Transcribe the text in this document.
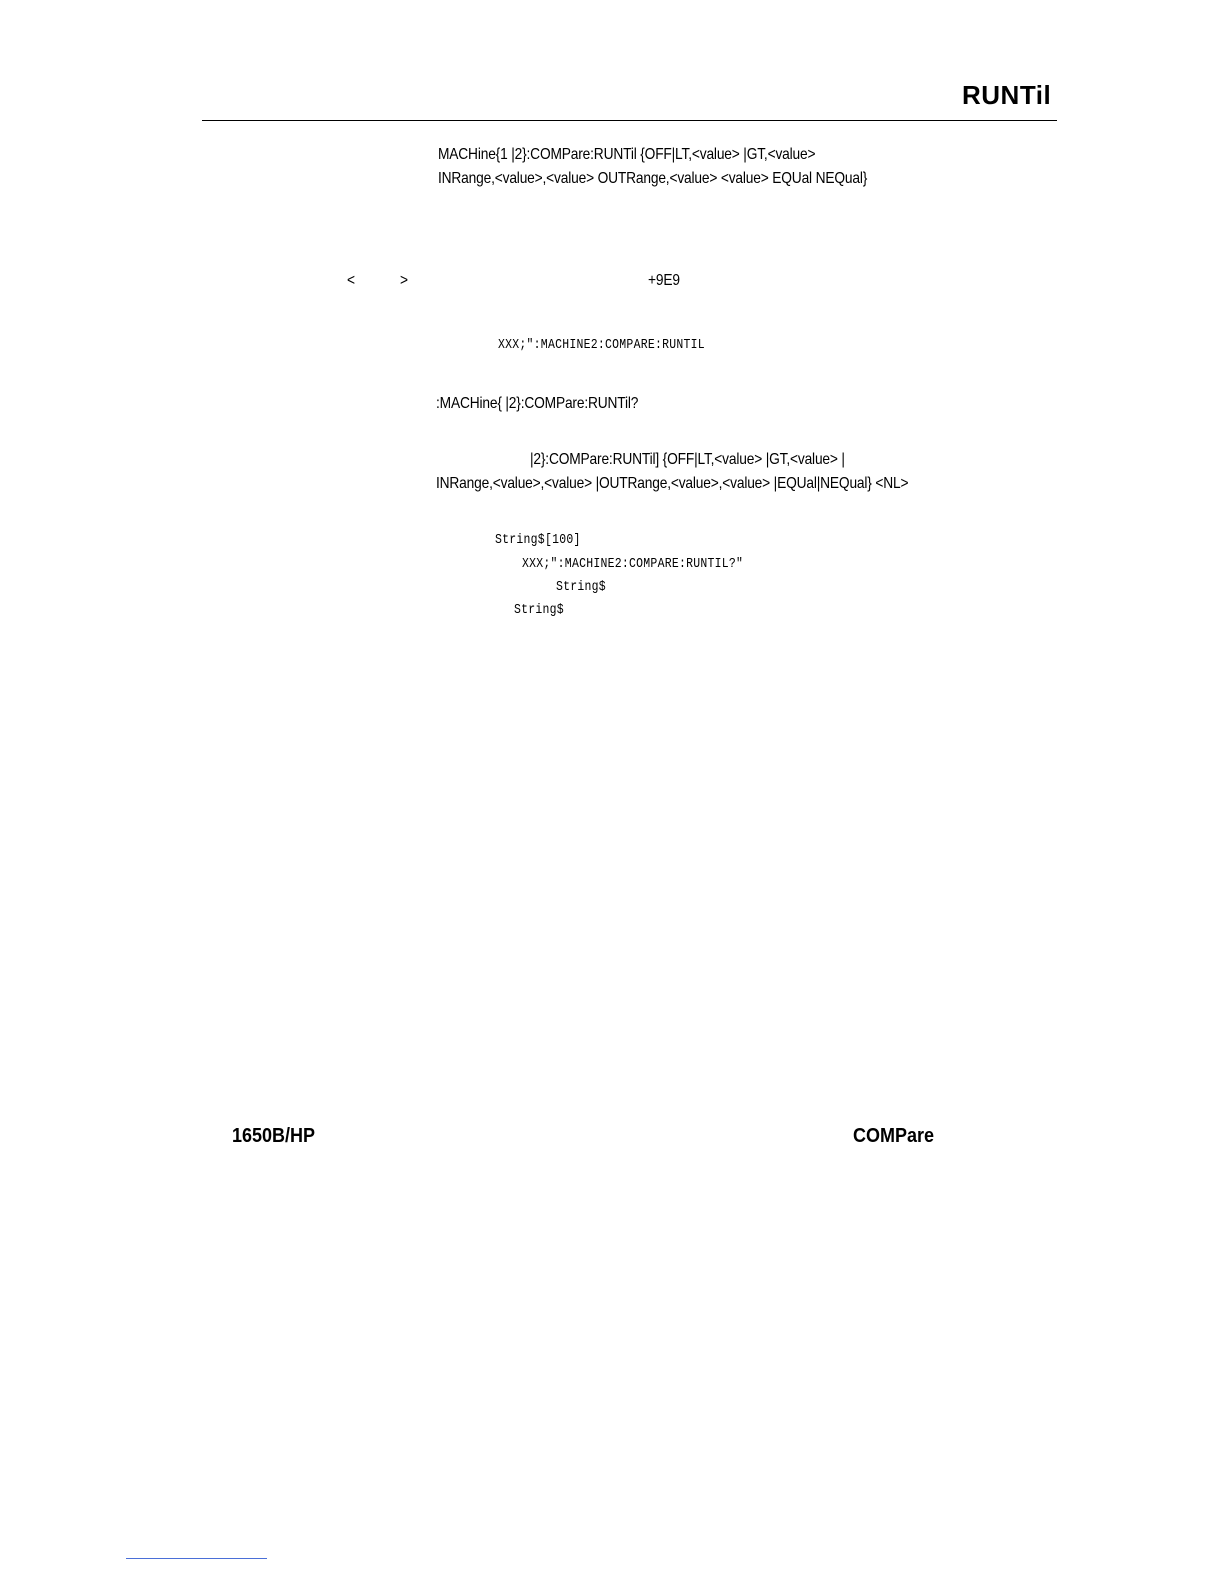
RUNTil
MACHine{1 |2}:COMPare:RUNTil {OFF|LT,<value> |GT,<value>
INRange,<value>,<value> OUTRange,<value> <value> EQUal NEQual}
<	>	+9E9
XXX;":MACHINE2:COMPARE:RUNTIL
:MACHine{ |2}:COMPare:RUNTil?
|2}:COMPare:RUNTil] {OFF|LT,<value> |GT,<value> |
INRange,<value>,<value> |OUTRange,<value>,<value> |EQUal|NEQual} <NL>
String$[100]
XXX;":MACHINE2:COMPARE:RUNTIL?"
String$
String$
1650B/HP	COMPare
